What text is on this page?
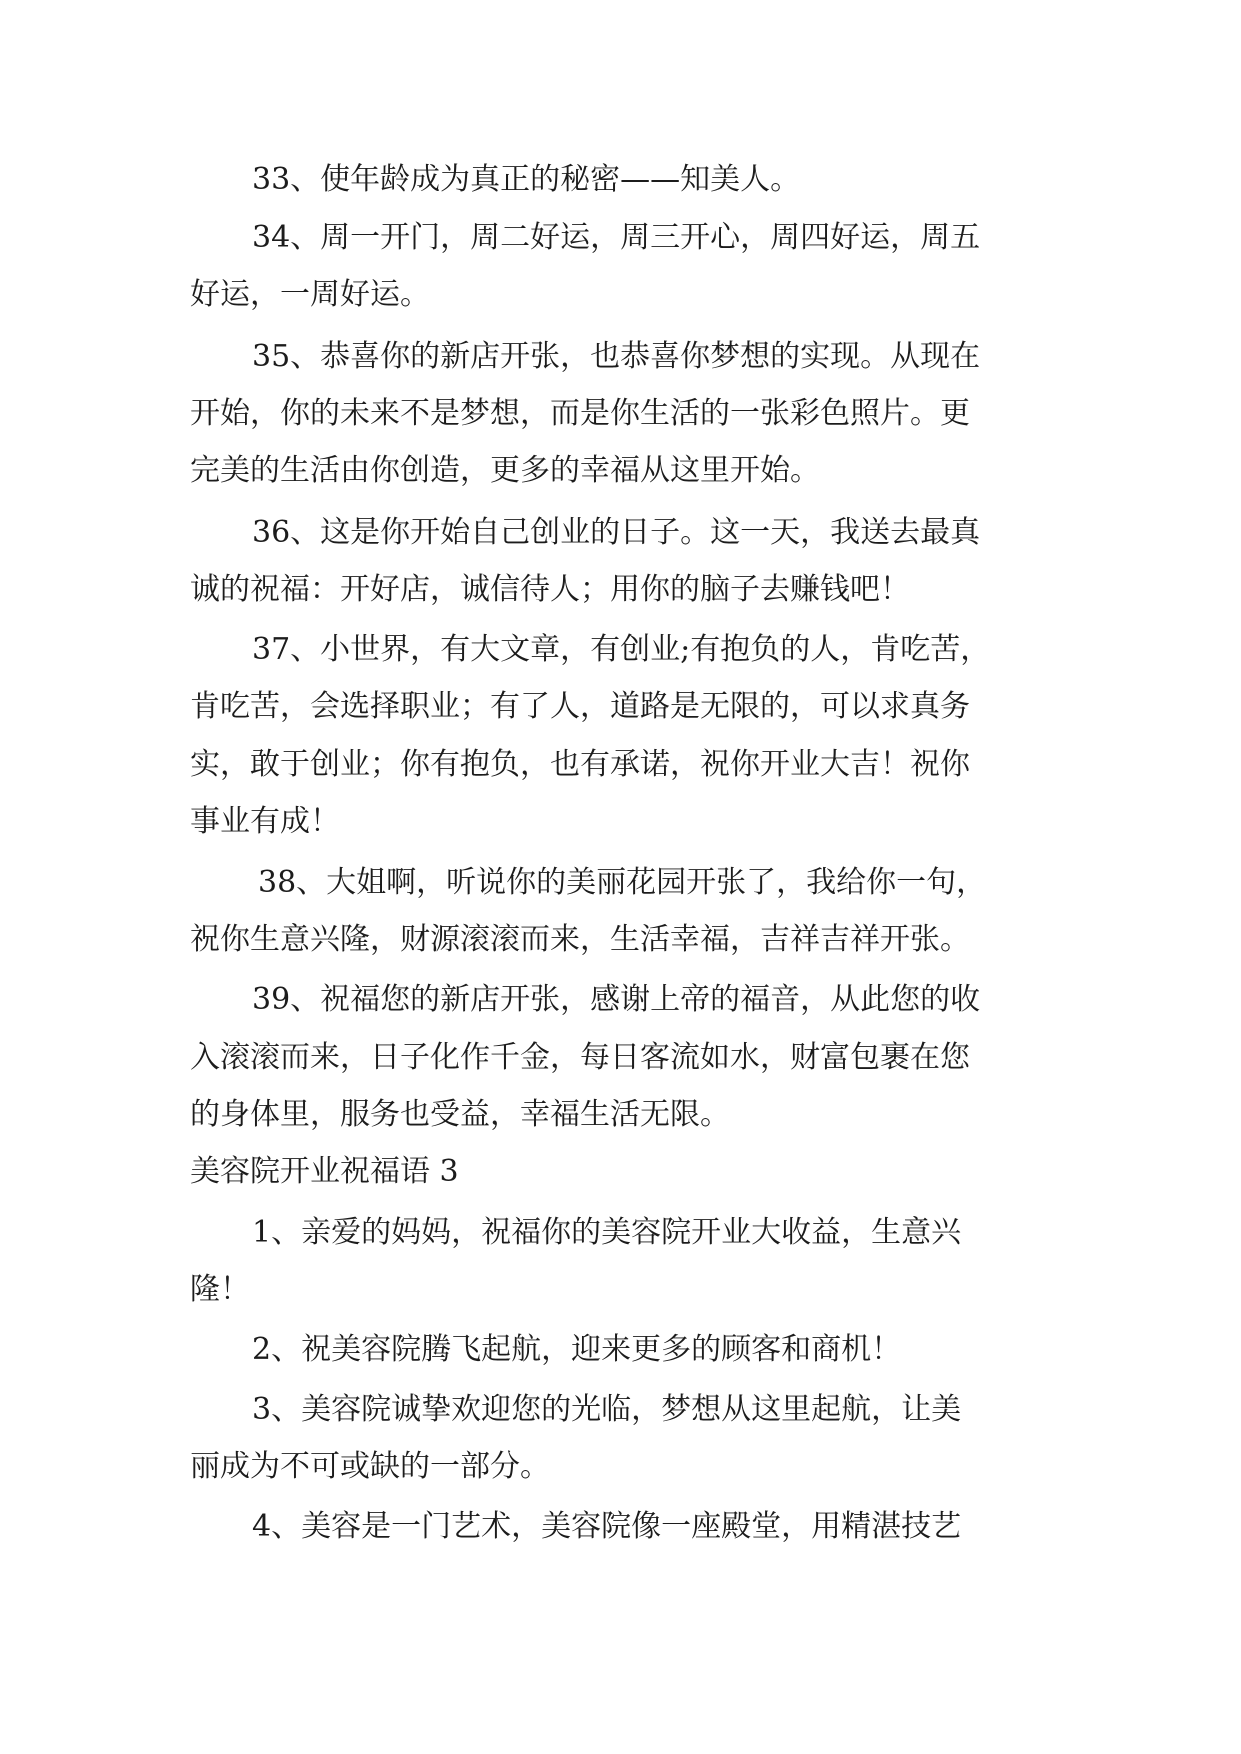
33、使年龄成为真正的秘密——知美人。
34、周一开门，周二好运，周三开心，周四好运，周五
好运，一周好运。
35、恭喜你的新店开张，也恭喜你梦想的实现。从现在
开始，你的未来不是梦想，而是你生活的一张彩色照片。更
完美的生活由你创造，更多的幸福从这里开始。
36、这是你开始自己创业的日子。这一天，我送去最真
诚的祝福：开好店，诚信待人；用你的脑子去赚钱吧！
37、小世界，有大文章，有创业;有抱负的人，肯吃苦，
肯吃苦，会选择职业；有了人，道路是无限的，可以求真务
实，敢于创业；你有抱负，也有承诺，祝你开业大吉！祝你
事业有成！
38、大姐啊，听说你的美丽花园开张了，我给你一句，
祝你生意兴隆，财源滚滚而来，生活幸福，吉祥吉祥开张。
39、祝福您的新店开张，感谢上帝的福音，从此您的收
入滚滚而来，日子化作千金，每日客流如水，财富包裹在您
的身体里，服务也受益，幸福生活无限。
美容院开业祝福语 3
1、亲爱的妈妈，祝福你的美容院开业大收益，生意兴
隆！
2、祝美容院腾飞起航，迎来更多的顾客和商机！
3、美容院诚挚欢迎您的光临，梦想从这里起航，让美
丽成为不可或缺的一部分。
4、美容是一门艺术，美容院像一座殿堂，用精湛技艺
